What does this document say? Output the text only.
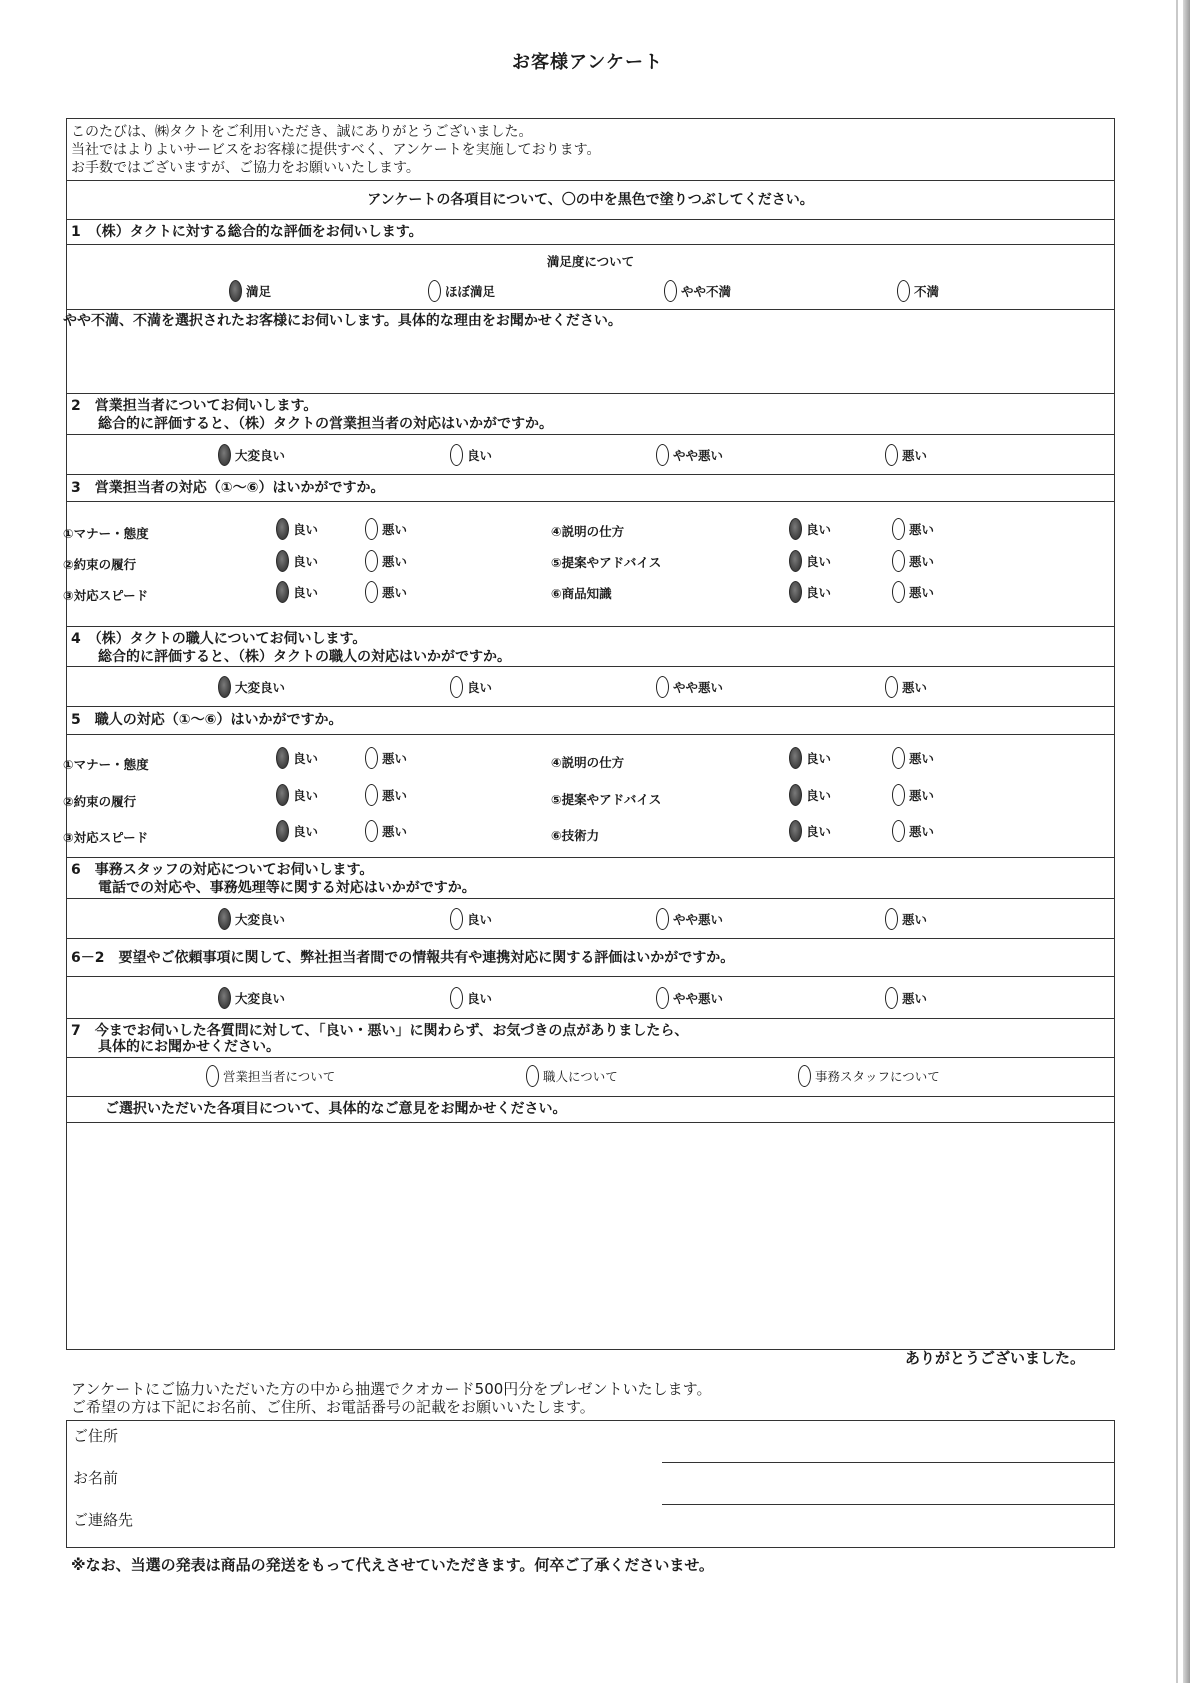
お客様アンケート
このたびは、㈱タクトをご利用いただき、誠にありがとうございました。
当社ではよりよいサービスをお客様に提供すべく、アンケートを実施しております。
お手数ではございますが、ご協力をお願いいたします。
アンケートの各項目について、〇の中を黒色で塗りつぶしてください。
1　（株）タクトに対する総合的な評価をお伺いします。
満足度について
満足	ほぼ満足	やや不満	不満
やや不満、不満を選択されたお客様にお伺いします。具体的な理由をお聞かせください。
2　営業担当者についてお伺いします。
総合的に評価すると、（株）タクトの営業担当者の対応はいかがですか。
大変良い	良い	やや悪い	悪い
3　営業担当者の対応（①～⑥）はいかがですか。
①マナー・態度	良い	悪い	④説明の仕方	良い	悪い
②約束の履行	良い	悪い	⑤提案やアドバイス	良い	悪い
③対応スピード	良い	悪い	⑥商品知識	良い	悪い
4　（株）タクトの職人についてお伺いします。
総合的に評価すると、（株）タクトの職人の対応はいかがですか。
大変良い	良い	やや悪い	悪い
5　職人の対応（①～⑥）はいかがですか。
①マナー・態度	良い	悪い	④説明の仕方	良い	悪い
②約束の履行	良い	悪い	⑤提案やアドバイス	良い	悪い
③対応スピード	良い	悪い	⑥技術力	良い	悪い
6　事務スタッフの対応についてお伺いします。
電話での対応や、事務処理等に関する対応はいかがですか。
大変良い	良い	やや悪い	悪い
6－2　要望やご依頼事項に関して、弊社担当者間での情報共有や連携対応に関する評価はいかがですか。
大変良い	良い	やや悪い	悪い
7　今までお伺いした各質問に対して、「良い・悪い」に関わらず、お気づきの点がありましたら、
具体的にお聞かせください。
営業担当者について	職人について	事務スタッフについて
ご選択いただいた各項目について、具体的なご意見をお聞かせください。
ありがとうございました。
アンケートにご協力いただいた方の中から抽選でクオカード500円分をプレゼントいたします。
ご希望の方は下記にお名前、ご住所、お電話番号の記載をお願いいたします。
ご住所
お名前
ご連絡先
※なお、当選の発表は商品の発送をもって代えさせていただきます。何卒ご了承くださいませ。
